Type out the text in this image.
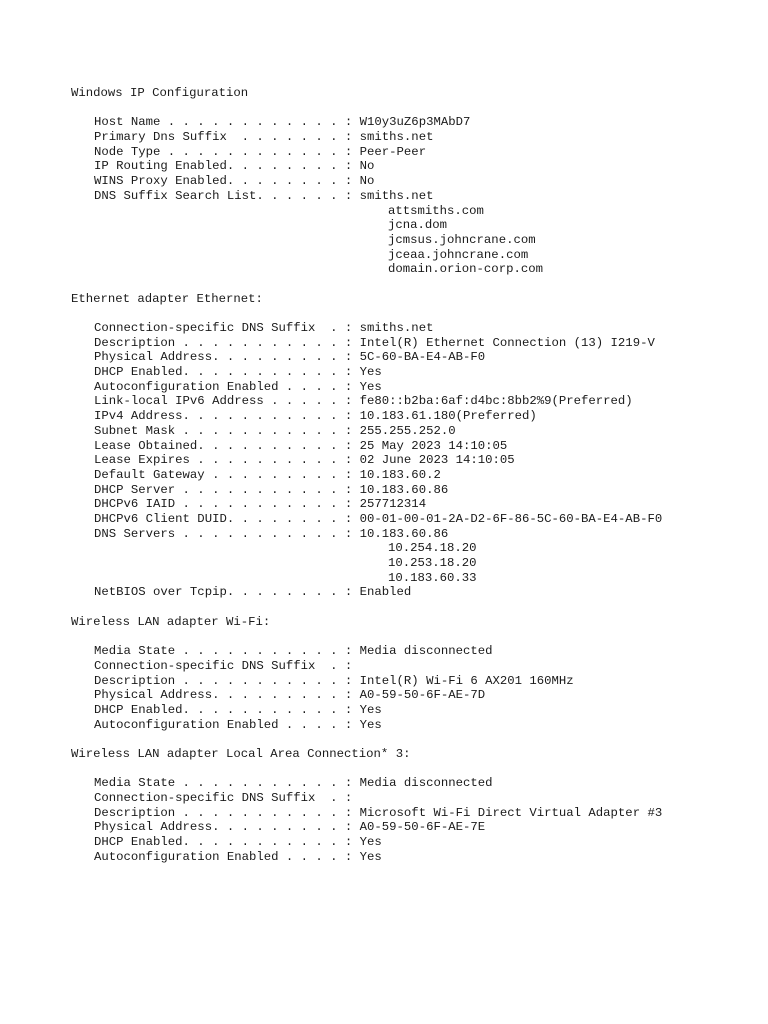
Windows IP Configuration
Host Name . . . . . . . . . . . . : W10y3uZ6p3MAbD7
Primary Dns Suffix  . . . . . . . : smiths.net
Node Type . . . . . . . . . . . . : Peer-Peer
IP Routing Enabled. . . . . . . . : No
WINS Proxy Enabled. . . . . . . . : No
DNS Suffix Search List. . . . . . : smiths.net
attsmiths.com
jcna.dom
jcmsus.johncrane.com
jceaa.johncrane.com
domain.orion-corp.com
Ethernet adapter Ethernet:
Connection-specific DNS Suffix  . : smiths.net
Description . . . . . . . . . . . : Intel(R) Ethernet Connection (13) I219-V
Physical Address. . . . . . . . . : 5C-60-BA-E4-AB-F0
DHCP Enabled. . . . . . . . . . . : Yes
Autoconfiguration Enabled . . . . : Yes
Link-local IPv6 Address . . . . . : fe80::b2ba:6af:d4bc:8bb2%9(Preferred)
IPv4 Address. . . . . . . . . . . : 10.183.61.180(Preferred)
Subnet Mask . . . . . . . . . . . : 255.255.252.0
Lease Obtained. . . . . . . . . . : 25 May 2023 14:10:05
Lease Expires . . . . . . . . . . : 02 June 2023 14:10:05
Default Gateway . . . . . . . . . : 10.183.60.2
DHCP Server . . . . . . . . . . . : 10.183.60.86
DHCPv6 IAID . . . . . . . . . . . : 257712314
DHCPv6 Client DUID. . . . . . . . : 00-01-00-01-2A-D2-6F-86-5C-60-BA-E4-AB-F0
DNS Servers . . . . . . . . . . . : 10.183.60.86
10.254.18.20
10.253.18.20
10.183.60.33
NetBIOS over Tcpip. . . . . . . . : Enabled
Wireless LAN adapter Wi-Fi:
Media State . . . . . . . . . . . : Media disconnected
Connection-specific DNS Suffix  . :
Description . . . . . . . . . . . : Intel(R) Wi-Fi 6 AX201 160MHz
Physical Address. . . . . . . . . : A0-59-50-6F-AE-7D
DHCP Enabled. . . . . . . . . . . : Yes
Autoconfiguration Enabled . . . . : Yes
Wireless LAN adapter Local Area Connection* 3:
Media State . . . . . . . . . . . : Media disconnected
Connection-specific DNS Suffix  . :
Description . . . . . . . . . . . : Microsoft Wi-Fi Direct Virtual Adapter #3
Physical Address. . . . . . . . . : A0-59-50-6F-AE-7E
DHCP Enabled. . . . . . . . . . . : Yes
Autoconfiguration Enabled . . . . : Yes
